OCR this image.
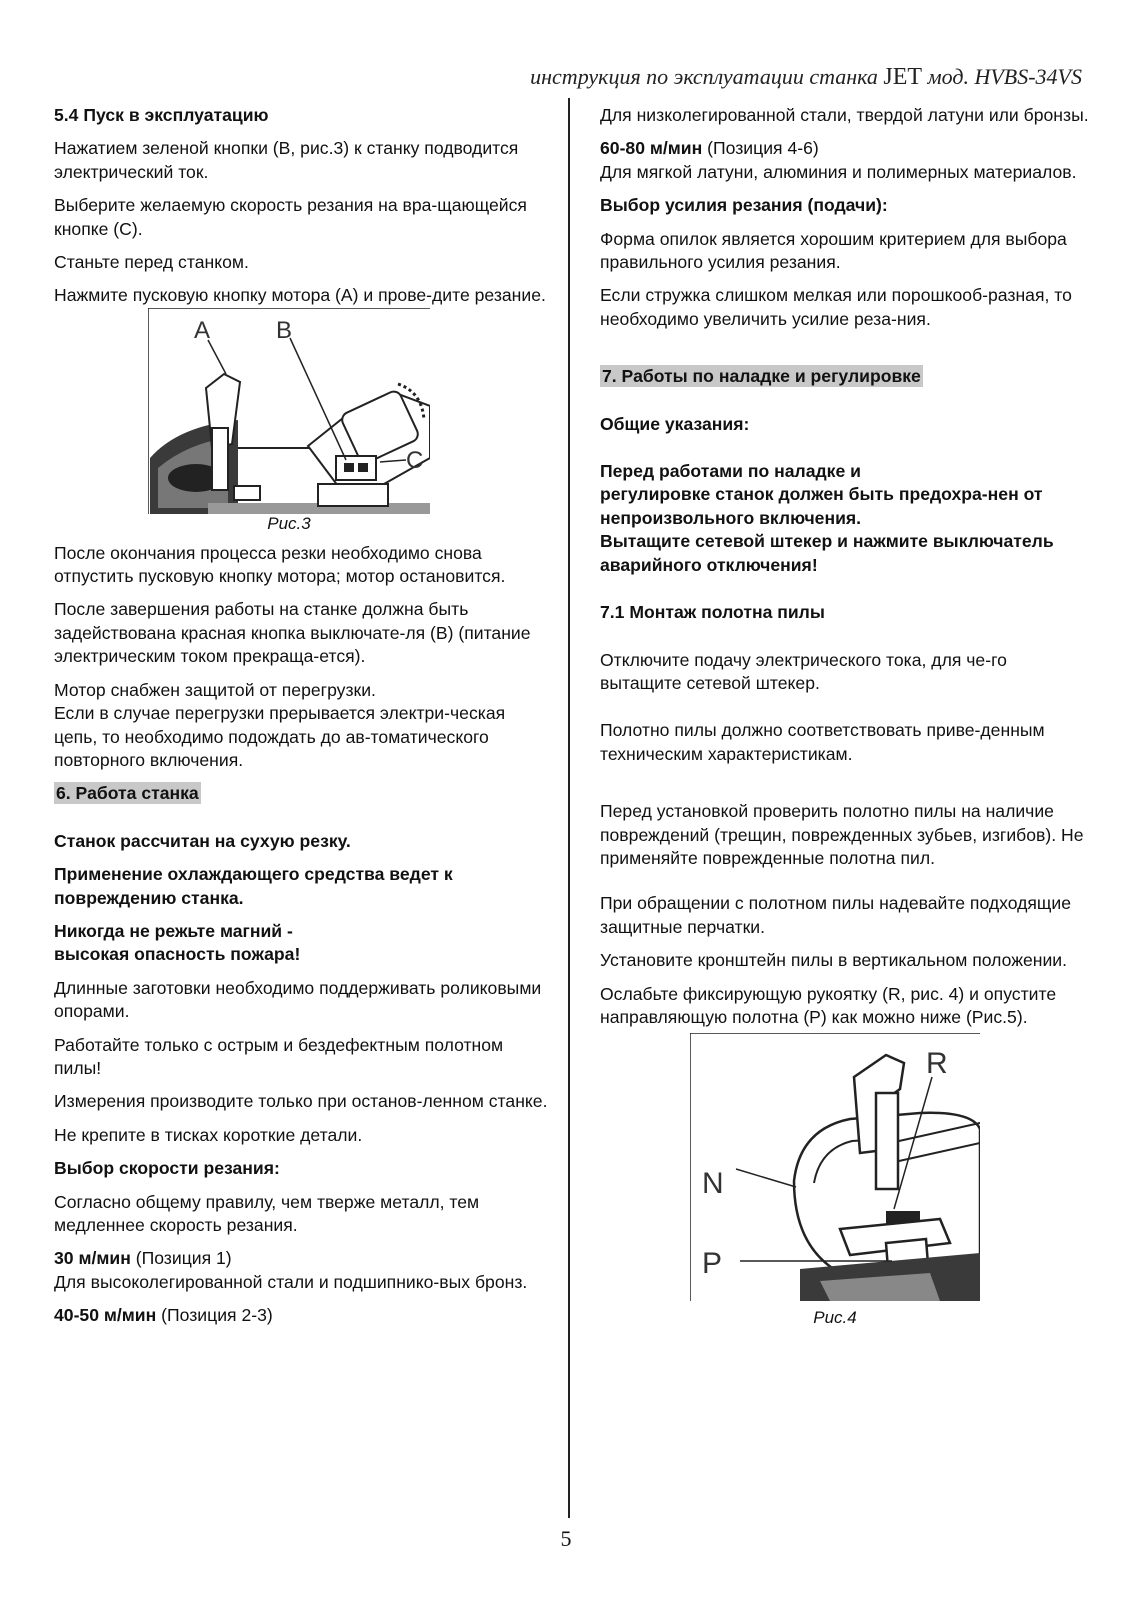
инструкция по эксплуатации станка JET мод. HVBS-34VS

5.4 Пуск в эксплуатацию

Нажатием зеленой кнопки (B, рис.3) к станку подводится электрический ток.

Выберите желаемую скорость резания на вра-щающейся кнопке (C).

Станьте перед станком.

Нажмите пусковую кнопку мотора (A) и прове-дите резание.

A	B
C
Рис.3

После окончания процесса резки необходимо снова отпустить пусковую кнопку мотора; мотор остановится.

После завершения работы на станке должна быть задействована красная кнопка выключате-ля (B) (питание электрическим током прекраща-ется).

Мотор снабжен защитой от перегрузки.

Если в случае перегрузки прерывается электри-ческая цепь, то необходимо подождать до ав-томатического повторного включения.

6. Работа станка

Станок рассчитан на сухую резку.

Применение охлаждающего средства ведет к повреждению станка.

Никогда не режьте магний -

высокая опасность пожара!

Длинные заготовки необходимо поддерживать роликовыми опорами.

Работайте только с острым и бездефектным полотном пилы!

Измерения производите только при останов-ленном станке.

Не крепите в тисках короткие детали.

Выбор скорости резания:

Согласно общему правилу, чем тверже металл, тем медленнее скорость резания.

30 м/мин (Позиция 1)

Для высоколегированной стали и подшипнико-вых бронз.

40-50 м/мин (Позиция 2-3)

Для низколегированной стали, твердой латуни или бронзы.

60-80 м/мин (Позиция 4-6)

Для мягкой латуни, алюминия и полимерных материалов.

Выбор усилия резания (подачи):

Форма опилок является хорошим критерием для выбора правильного усилия резания.

Если стружка слишком мелкая или порошкооб-разная, то необходимо увеличить усилие реза-ния.

7. Работы по наладке и регулировке

Общие указания:

Перед работами по наладке и

регулировке станок должен быть предохра-нен от непроизвольного включения.

Вытащите сетевой штекер и нажмите выключатель аварийного отключения!

7.1 Монтаж полотна пилы

Отключите подачу электрического тока, для че-го вытащите сетевой штекер.

Полотно пилы должно соответствовать приве-денным техническим характеристикам.

Перед установкой проверить полотно пилы на наличие повреждений (трещин, поврежденных зубьев, изгибов). Не применяйте поврежденные полотна пил.

При обращении с полотном пилы надевайте подходящие защитные перчатки.

Установите кронштейн пилы в вертикальном положении.

Ослабьте фиксирующую рукоятку (R, рис. 4) и опустите направляющую полотна (P) как можно ниже (Рис.5).

R
N
P
Рис.4
5
